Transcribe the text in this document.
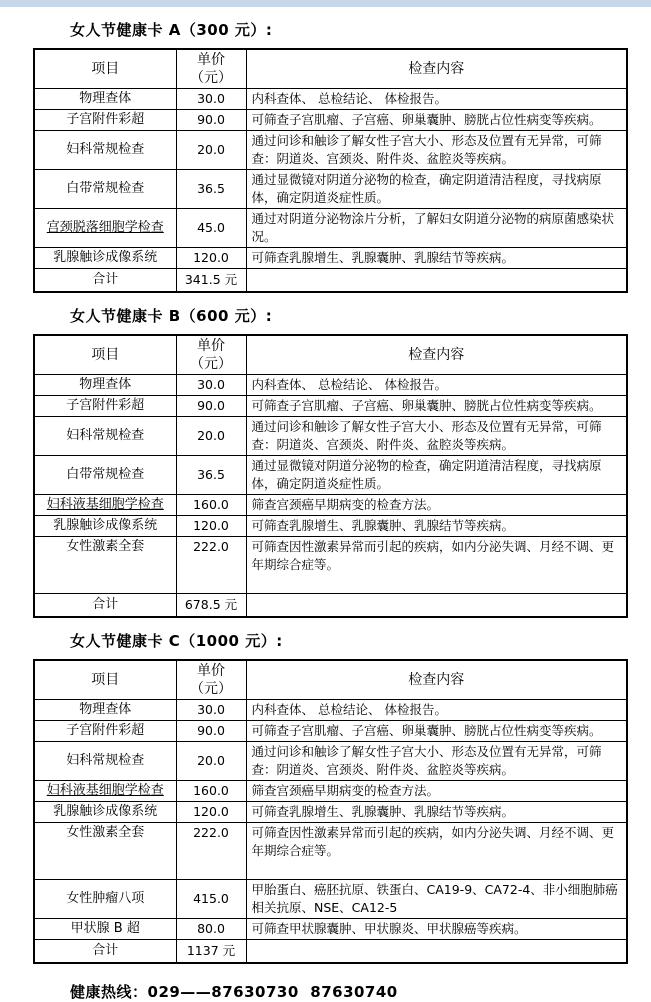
女人节健康卡 A（300 元）:
项目	单价（元）	检查内容
物理查体	30.0	内科查体、 总检结论、 体检报告。
子宫附件彩超	90.0	可筛查子宫肌瘤、子宫癌、卵巢囊肿、膀胱占位性病变等疾病。
妇科常规检查	20.0	通过问诊和触诊了解女性子宫大小、形态及位置有无异常，可筛查：阴道炎、宫颈炎、附件炎、盆腔炎等疾病。
白带常规检查	36.5	通过显微镜对阴道分泌物的检查，确定阴道清洁程度，寻找病原体，确定阴道炎症性质。
宫颈脱落细胞学检查	45.0	通过对阴道分泌物涂片分析，了解妇女阴道分泌物的病原菌感染状况。
乳腺触诊成像系统	120.0	可筛查乳腺增生、乳腺囊肿、乳腺结节等疾病。
合计	341.5 元	
女人节健康卡 B（600 元）:
项目	单价（元）	检查内容
物理查体	30.0	内科查体、 总检结论、 体检报告。
子宫附件彩超	90.0	可筛查子宫肌瘤、子宫癌、卵巢囊肿、膀胱占位性病变等疾病。
妇科常规检查	20.0	通过问诊和触诊了解女性子宫大小、形态及位置有无异常，可筛查：阴道炎、宫颈炎、附件炎、盆腔炎等疾病。
白带常规检查	36.5	通过显微镜对阴道分泌物的检查，确定阴道清洁程度，寻找病原体，确定阴道炎症性质。
妇科液基细胞学检查	160.0	筛查宫颈癌早期病变的检查方法。
乳腺触诊成像系统	120.0	可筛查乳腺增生、乳腺囊肿、乳腺结节等疾病。
女性激素全套	222.0	可筛查因性激素异常而引起的疾病，如内分泌失调、月经不调、更年期综合症等。
合计	678.5 元	
女人节健康卡 C（1000 元）:
项目	单价（元）	检查内容
物理查体	30.0	内科查体、 总检结论、 体检报告。
子宫附件彩超	90.0	可筛查子宫肌瘤、子宫癌、卵巢囊肿、膀胱占位性病变等疾病。
妇科常规检查	20.0	通过问诊和触诊了解女性子宫大小、形态及位置有无异常，可筛查：阴道炎、宫颈炎、附件炎、盆腔炎等疾病。
妇科液基细胞学检查	160.0	筛查宫颈癌早期病变的检查方法。
乳腺触诊成像系统	120.0	可筛查乳腺增生、乳腺囊肿、乳腺结节等疾病。
女性激素全套	222.0	可筛查因性激素异常而引起的疾病，如内分泌失调、月经不调、更年期综合症等。
女性肿瘤八项	415.0	甲胎蛋白、癌胚抗原、铁蛋白、CA19-9、CA72-4、非小细胞肺癌相关抗原、NSE、CA12-5
甲状腺 B 超	80.0	可筛查甲状腺囊肿、甲状腺炎、甲状腺癌等疾病。
合计	1137 元	
健康热线：029——87630730  87630740
